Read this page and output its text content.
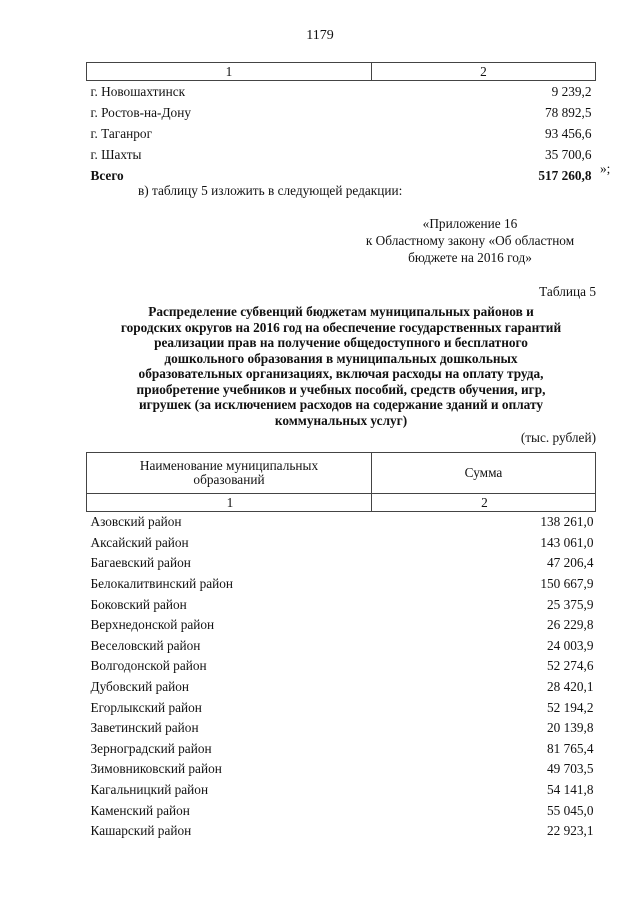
1179
1	2
г. Новошахтинск	9 239,2
г. Ростов-на-Дону	78 892,5
г. Таганрог	93 456,6
г. Шахты	35 700,6
Всего	517 260,8 »;
в) таблицу 5 изложить в следующей редакции:
«Приложение 16
к Областному закону «Об областном
бюджете на 2016 год»
Таблица 5
Распределение субвенций бюджетам муниципальных районов и
городских округов на 2016 год на обеспечение государственных гарантий
реализации прав на получение общедоступного и бесплатного
дошкольного образования в муниципальных дошкольных
образовательных организациях, включая расходы на оплату труда,
приобретение учебников и учебных пособий, средств обучения, игр,
игрушек (за исключением расходов на содержание зданий и оплату
коммунальных услуг)
(тыс. рублей)
Наименование муниципальных
образований	Сумма
1	2
Азовский район	138 261,0
Аксайский район	143 061,0
Багаевский район	47 206,4
Белокалитвинский район	150 667,9
Боковский район	25 375,9
Верхнедонской район	26 229,8
Веселовский район	24 003,9
Волгодонской район	52 274,6
Дубовский район	28 420,1
Егорлыкский район	52 194,2
Заветинский район	20 139,8
Зерноградский район	81 765,4
Зимовниковский район	49 703,5
Кагальницкий район	54 141,8
Каменский район	55 045,0
Кашарский район	22 923,1
